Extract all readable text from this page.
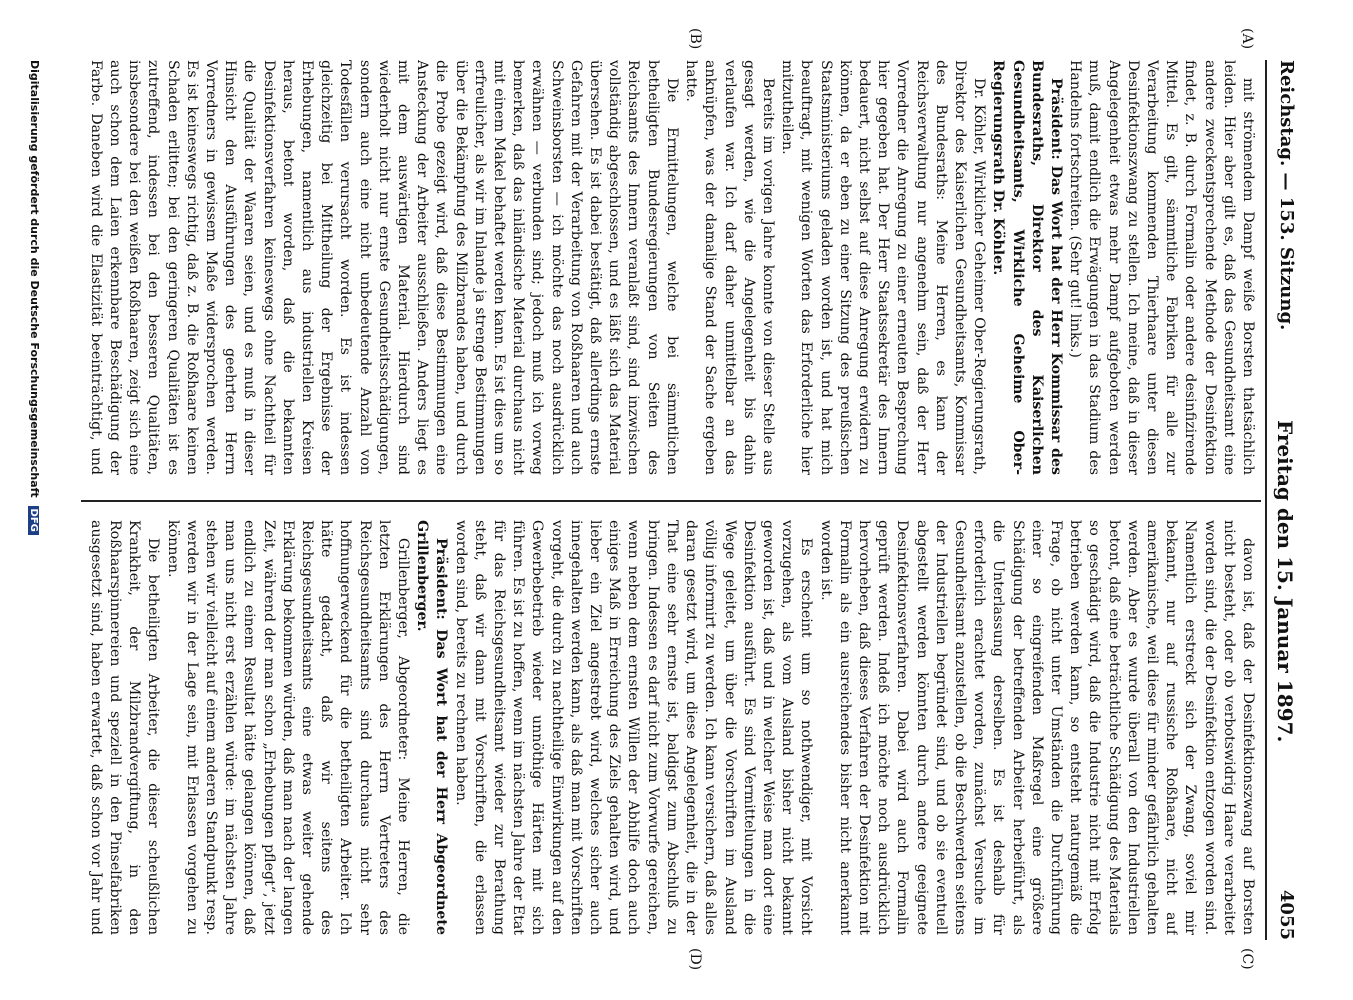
Reichstag. — 153. Sitzung.
Freitag den 15. Januar 1897.
4055
(A)
(B)
(C)
(D)

mit strömendem Dampf weiße Borsten thatsächlich leiden. Hier aber gilt es, daß das Gesundheitsamt eine andere zweckentsprechende Methode der Desinfektion findet, z. B. durch Formalin oder andere desinfizirende Mittel. Es gilt, sämmtliche Fabriken für alle zur Verarbeitung kommenden Thierhaare unter diesen Desinfektionszwang zu stellen. Ich meine, daß in dieser Angelegenheit etwas mehr Dampf aufgeboten werden muß, damit endlich die Erwägungen in das Stadium des Handelns fortschreiten. (Sehr gut! links.)

Präsident: Das Wort hat der Herr Kommissar des Bundesraths, Direktor des Kaiserlichen Gesundheitsamts, Wirkliche Geheime Ober-Regierungsrath Dr. Köhler.

Dr. Köhler, Wirklicher Geheimer Ober-Regierungsrath, Direktor des Kaiserlichen Gesundheitsamts, Kommissar des Bundesraths: Meine Herren, es kann der Reichsverwaltung nur angenehm sein, daß der Herr Vorredner die Anregung zu einer erneuten Besprechung hier gegeben hat. Der Herr Staatssekretär des Innern bedauert, nicht selbst auf diese Anregung erwidern zu können, da er eben zu einer Sitzung des preußischen Staatsministeriums geladen worden ist, und hat mich beauftragt, mit wenigen Worten das Erforderliche hier mitzutheilen.

Bereits im vorigen Jahre konnte von dieser Stelle aus gesagt werden, wie die Angelegenheit bis dahin verlaufen war. Ich darf daher unmittelbar an das anknüpfen, was der damalige Stand der Sache ergeben hatte.

Die Ermittelungen, welche bei sämmtlichen betheiligten Bundesregierungen von Seiten des Reichsamts des Innern veranlaßt sind, sind inzwischen vollständig abgeschlossen, und es läßt sich das Material übersehen. Es ist dabei bestätigt, daß allerdings ernste Gefahren mit der Verarbeitung von Roßhaaren und auch Schweinsborsten — ich möchte das noch ausdrücklich erwähnen — verbunden sind; jedoch muß ich vorweg bemerken, daß das inländische Material durchaus nicht mit einem Makel behaftet werden kann. Es ist dies um so erfreulicher, als wir im Inlande ja strenge Bestimmungen über die Bekämpfung des Milzbrandes haben, und durch die Probe gezeigt wird, daß diese Bestimmungen eine Ansteckung der Arbeiter ausschließen. Anders liegt es mit dem auswärtigen Material. Hierdurch sind wiederholt nicht nur ernste Gesundheitsschädigungen, sondern auch eine nicht unbedeutende Anzahl von Todesfällen verursacht worden. Es ist indessen gleichzeitig bei Mittheilung der Ergebnisse der Erhebungen, namentlich aus industriellen Kreisen heraus, betont worden, daß die bekannten Desinfektionsverfahren keineswegs ohne Nachtheil für die Qualität der Waaren seien, und es muß in dieser Hinsicht den Ausführungen des geehrten Herrn Vorredners in gewissem Maße widersprochen werden. Es ist keineswegs richtig, daß z. B. die Roßhaare keinen Schaden erlitten; bei den geringeren Qualitäten ist es zutreffend, indessen bei den besseren Qualitäten, insbesondere bei den weißen Roßhaaren, zeigt sich eine auch schon dem Laien erkennbare Beschädigung der Farbe. Daneben wird die Elastizität beeinträchtigt, und

davon ist, daß der Desinfektionszwang auf Borsten nicht besteht, oder ob verbotswidrig Haare verarbeitet worden sind, die der Desinfektion entzogen worden sind. Namentlich erstreckt sich der Zwang, soviel mir bekannt, nur auf russische Roßhaare, nicht auf amerikanische, weil diese für minder gefährlich gehalten werden. Aber es wurde überall von den Industriellen betont, daß eine beträchtliche Schädigung des Materials so geschädigt wird, daß die Industrie nicht mit Erfolg betrieben werden kann, so entsteht naturgemäß die Frage, ob nicht unter Umständen die Durchführung einer so eingreifenden Maßregel eine größere Schädigung der betreffenden Arbeiter herbeiführt, als die Unterlassung derselben. Es ist deshalb für erforderlich erachtet worden, zunächst Versuche im Gesundheitsamt anzustellen, ob die Beschwerden seitens der Industriellen begründet sind, und ob sie eventuell abgestellt werden könnten durch andere geeignete Desinfektionsverfahren. Dabei wird auch Formalin geprüft werden. Indeß ich möchte noch ausdrücklich hervorheben, daß dieses Verfahren der Desinfektion mit Formalin als ein ausreichendes bisher nicht anerkannt worden ist.

Es erscheint um so nothwendiger, mit Vorsicht vorzugehen, als vom Ausland bisher nicht bekannt geworden ist, daß und in welcher Weise man dort eine Desinfektion ausführt. Es sind Vermittelungen in die Wege geleitet, um über die Vorschriften im Ausland völlig informirt zu werden. Ich kann versichern, daß alles daran gesetzt wird, um diese Angelegenheit, die in der That eine sehr ernste ist, baldigst zum Abschluß zu bringen. Indessen es darf nicht zum Vorwurfe gereichen, wenn neben dem ernsten Willen der Abhilfe doch auch einiges Maß in Erreichung des Ziels gehalten wird, und lieber ein Ziel angestrebt wird, welches sicher auch innegehalten werden kann, als daß man mit Vorschriften vorgeht, die durch zu nachtheilige Einwirkungen auf den Gewerbebetrieb wieder unnöthige Härten mit sich führen. Es ist zu hoffen, wenn im nächsten Jahre der Etat für das Reichsgesundheitsamt wieder zur Berathung steht, daß wir dann mit Vorschriften, die erlassen worden sind, bereits zu rechnen haben.

Präsident: Das Wort hat der Herr Abgeordnete Grillenberger.

Grillenberger, Abgeordneter: Meine Herren, die letzten Erklärungen des Herrn Vertreters des Reichsgesundheitsamts sind durchaus nicht sehr hoffnungerweckend für die betheiligten Arbeiter. Ich hätte gedacht, daß wir seitens des Reichsgesundheitsamts eine etwas weiter gehende Erklärung bekommen würden, daß man nach der langen Zeit, während der man schon „Erhebungen pflegt“, jetzt endlich zu einem Resultat hätte gelangen können, daß man uns nicht erst erzählen würde: im nächsten Jahre stehen wir vielleicht auf einem anderen Standpunkt resp. werden wir in der Lage sein, mit Erlassen vorgehen zu können.

Die betheiligten Arbeiter, die dieser scheußlichen Krankheit, der Milzbrandvergiftung, in den Roßhaarspinnereien und speziell in den Pinselfabriken ausgesetzt sind, haben erwartet, daß schon vor Jahr und

Digitalisierung gefördert durch die Deutsche Forschungsgemeinschaft DFG
